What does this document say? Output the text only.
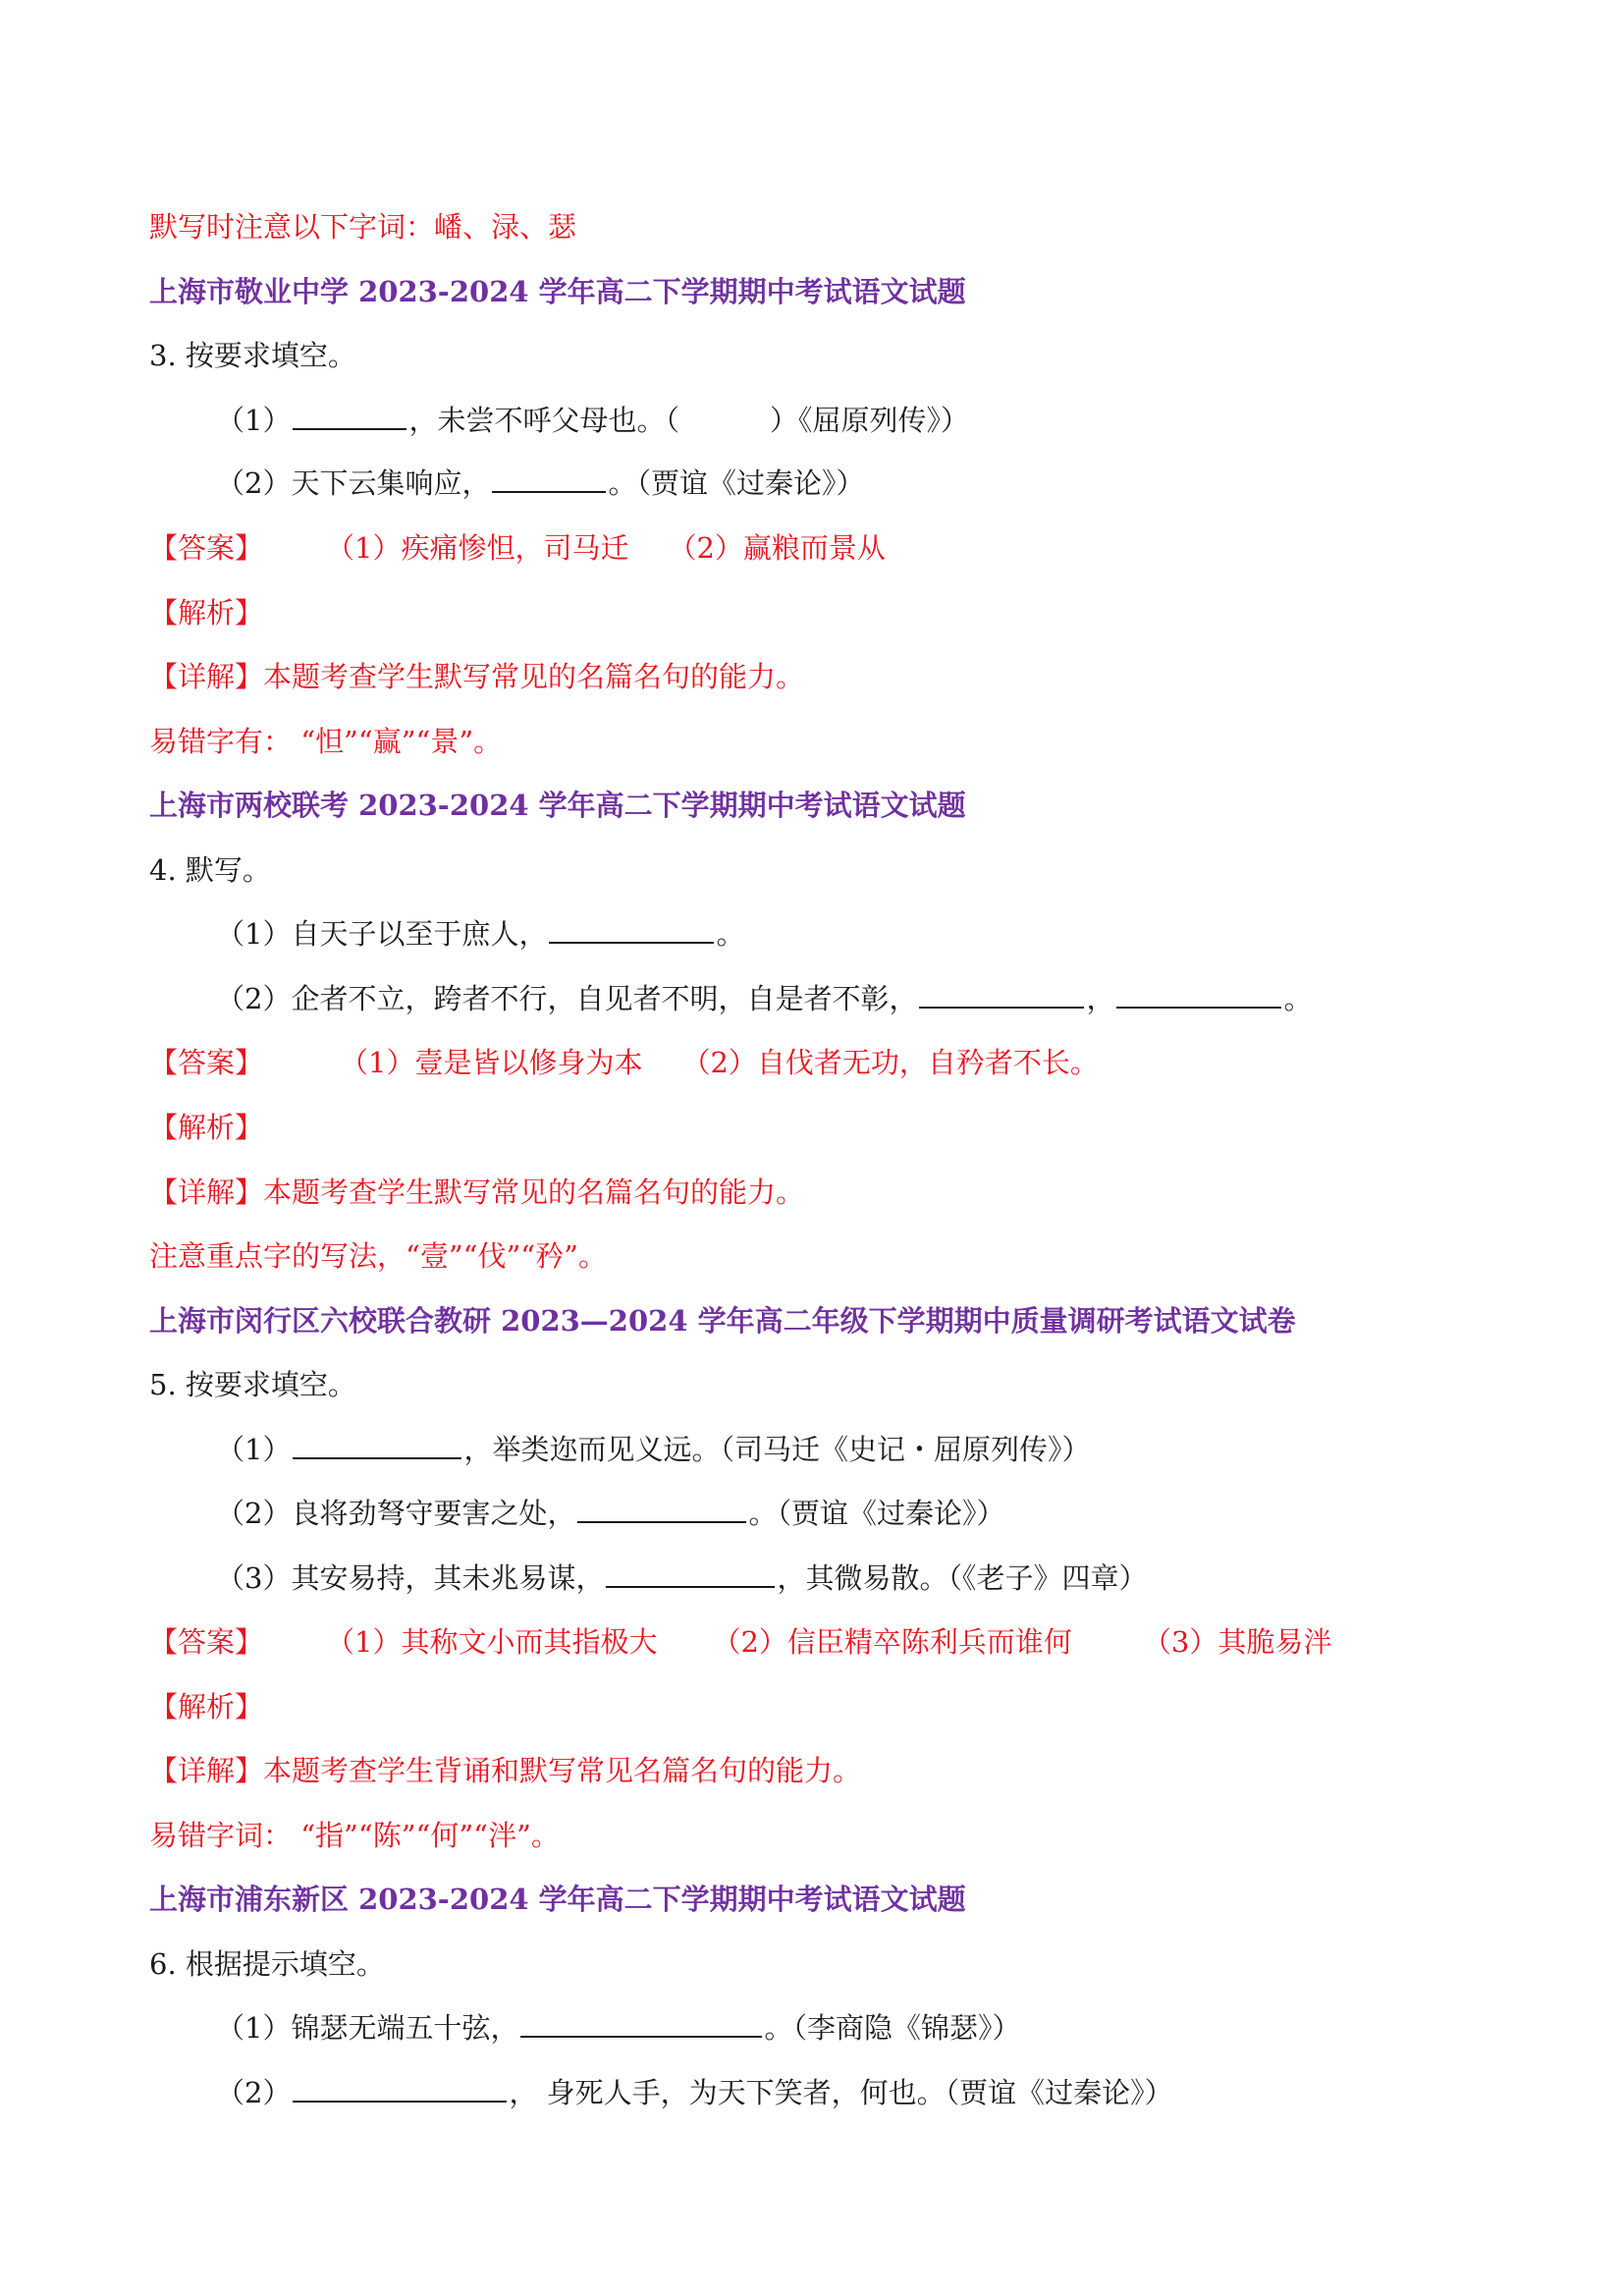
默写时注意以下字词：嶓、渌、瑟
上海市敬业中学 2023-2024 学年高二下学期期中考试语文试题
3. 按要求填空。
（1）	，未尝不呼父母也。（	）《屈原列传》）
（2）天下云集响应，	。（贾谊《过秦论》）
【答案】 （1）疾痛惨怛，司马迁 （2）赢粮而景从
【解析】
【详解】本题考查学生默写常见的名篇名句的能力。
易错字有： “怛”“赢”“景”。
上海市两校联考 2023-2024 学年高二下学期期中考试语文试题
4. 默写。
（1）自天子以至于庶人，	。
（2）企者不立，跨者不行，自见者不明，自是者不彰，	，	。
【答案】	（1）壹是皆以修身为本 （2）自伐者无功，自矜者不长。
【解析】
【详解】本题考查学生默写常见的名篇名句的能力。
注意重点字的写法，“壹”“伐”“矜”。
上海市闵行区六校联合教研 2023—2024 学年高二年级下学期期中质量调研考试语文试卷
5. 按要求填空。
（1）	，举类迩而见义远。（司马迁《史记・屈原列传》）
（2）良将劲弩守要害之处，	。（贾谊《过秦论》）
（3）其安易持，其未兆易谋，	，其微易散。（《老子》四章）
【答案】 （1）其称文小而其指极大 （2）信臣精卒陈利兵而谁何 （3）其脆易泮
【解析】
【详解】本题考查学生背诵和默写常见名篇名句的能力。
易错字词： “指”“陈”“何”“泮”。
上海市浦东新区 2023-2024 学年高二下学期期中考试语文试题
6. 根据提示填空。
（1）锦瑟无端五十弦，	。（李商隐《锦瑟》）
（2）	， 身死人手，为天下笑者，何也。（贾谊《过秦论》）
